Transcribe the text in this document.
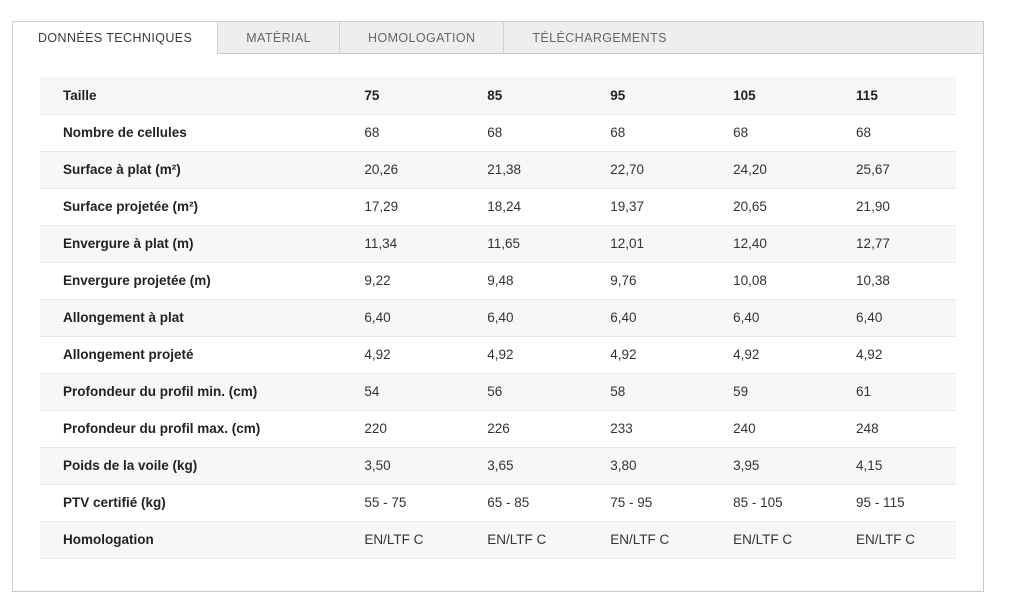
DONNÉES TECHNIQUES	MATÈRIAL	HOMOLOGATION	TÉLÉCHARGEMENTS
Taille	75	85	95	105	115
Nombre de cellules	68	68	68	68	68
Surface à plat (m²)	20,26	21,38	22,70	24,20	25,67
Surface projetée (m²)	17,29	18,24	19,37	20,65	21,90
Envergure à plat (m)	11,34	11,65	12,01	12,40	12,77
Envergure projetée (m)	9,22	9,48	9,76	10,08	10,38
Allongement à plat	6,40	6,40	6,40	6,40	6,40
Allongement projeté	4,92	4,92	4,92	4,92	4,92
Profondeur du profil min. (cm)	54	56	58	59	61
Profondeur du profil max. (cm)	220	226	233	240	248
Poids de la voile (kg)	3,50	3,65	3,80	3,95	4,15
PTV certifié (kg)	55 - 75	65 - 85	75 - 95	85 - 105	95 - 115
Homologation	EN/LTF C	EN/LTF C	EN/LTF C	EN/LTF C	EN/LTF C
